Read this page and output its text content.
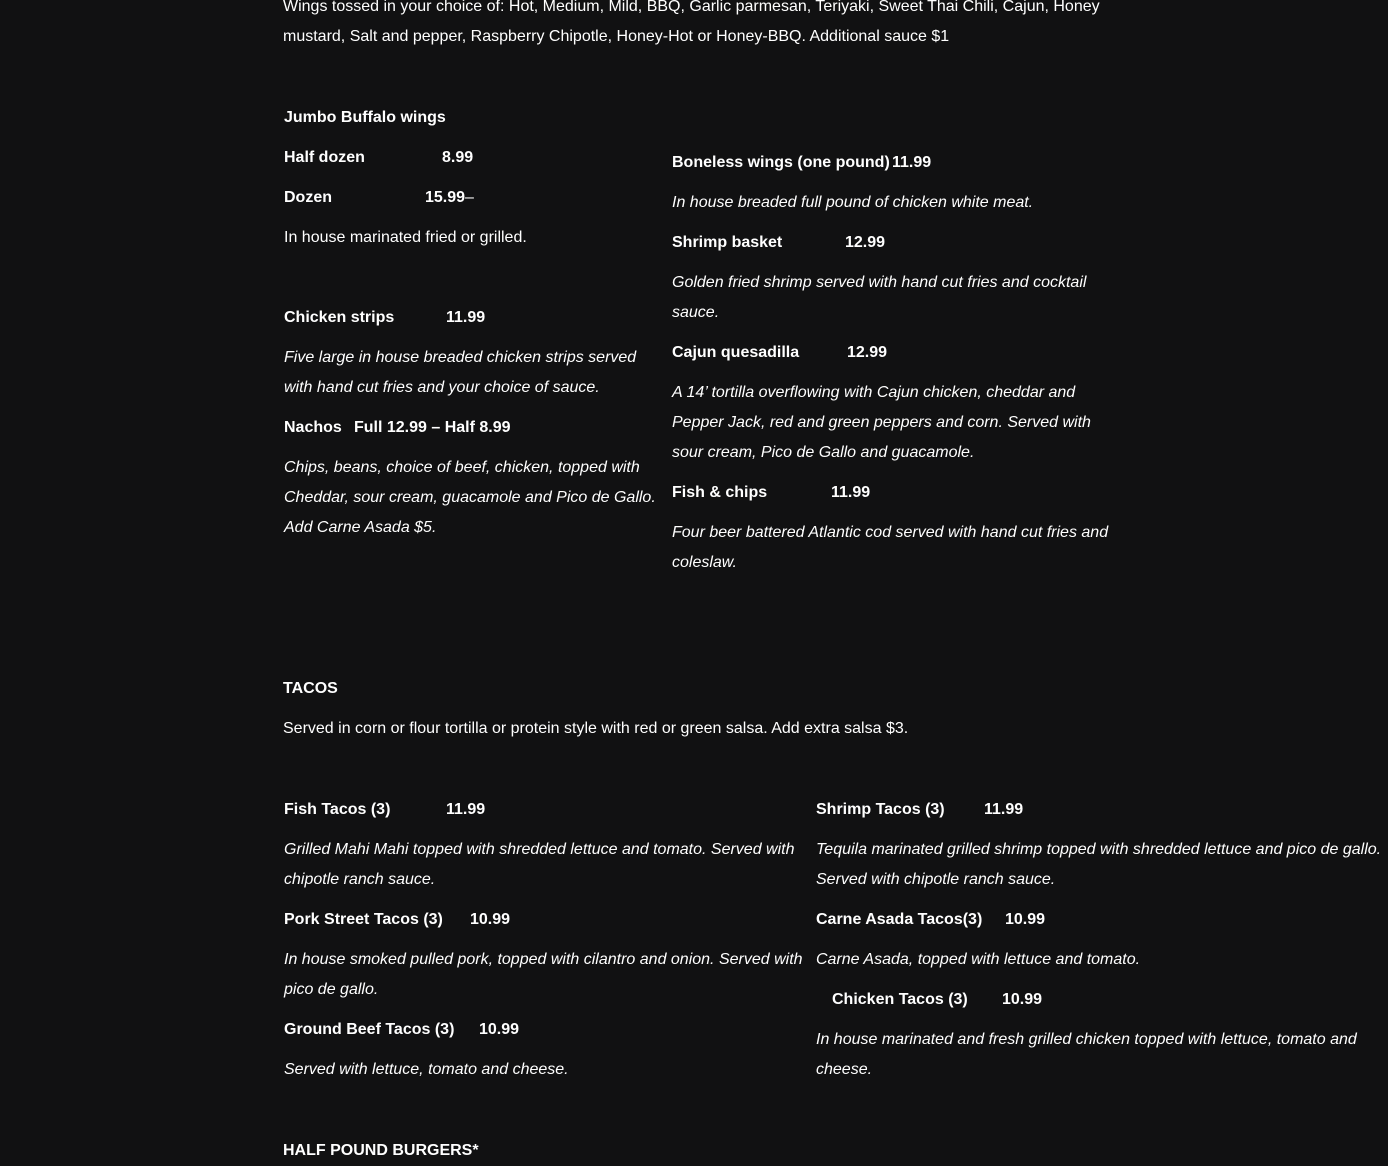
Wings tossed in your choice of: Hot, Medium, Mild, BBQ, Garlic parmesan, Teriyaki, Sweet Thai Chili, Cajun, Honey
mustard, Salt and pepper, Raspberry Chipotle, Honey-Hot or Honey-BBQ. Additional sauce $1
Jumbo Buffalo wings
Half dozen	8.99
Dozen	15.99–
In house marinated fried or grilled.
Chicken strips	11.99
Five large in house breaded chicken strips served with hand cut fries and your choice of sauce.
Nachos Full 12.99 – Half 8.99
Chips, beans, choice of beef, chicken, topped with Cheddar, sour cream, guacamole and Pico de Gallo. Add Carne Asada $5.
Boneless wings (one pound) 11.99
In house breaded full pound of chicken white meat.
Shrimp basket	12.99
Golden fried shrimp served with hand cut fries and cocktail sauce.
Cajun quesadilla	12.99
A 14’ tortilla overflowing with Cajun chicken, cheddar and Pepper Jack, red and green peppers and corn. Served with sour cream, Pico de Gallo and guacamole.
Fish & chips	11.99
Four beer battered Atlantic cod served with hand cut fries and coleslaw.
TACOS
Served in corn or flour tortilla or protein style with red or green salsa. Add extra salsa $3.
Fish Tacos (3)	11.99
Grilled Mahi Mahi topped with shredded lettuce and tomato. Served with chipotle ranch sauce.
Pork Street Tacos (3) 10.99
In house smoked pulled pork, topped with cilantro and onion. Served with pico de gallo.
Ground Beef Tacos (3) 10.99
Served with lettuce, tomato and cheese.
Shrimp Tacos (3) 11.99
Tequila marinated grilled shrimp topped with shredded lettuce and pico de gallo. Served with chipotle ranch sauce.
Carne Asada Tacos(3) 10.99
Carne Asada, topped with lettuce and tomato.
Chicken Tacos (3) 10.99
In house marinated and fresh grilled chicken topped with lettuce, tomato and cheese.
HALF POUND BURGERS*
